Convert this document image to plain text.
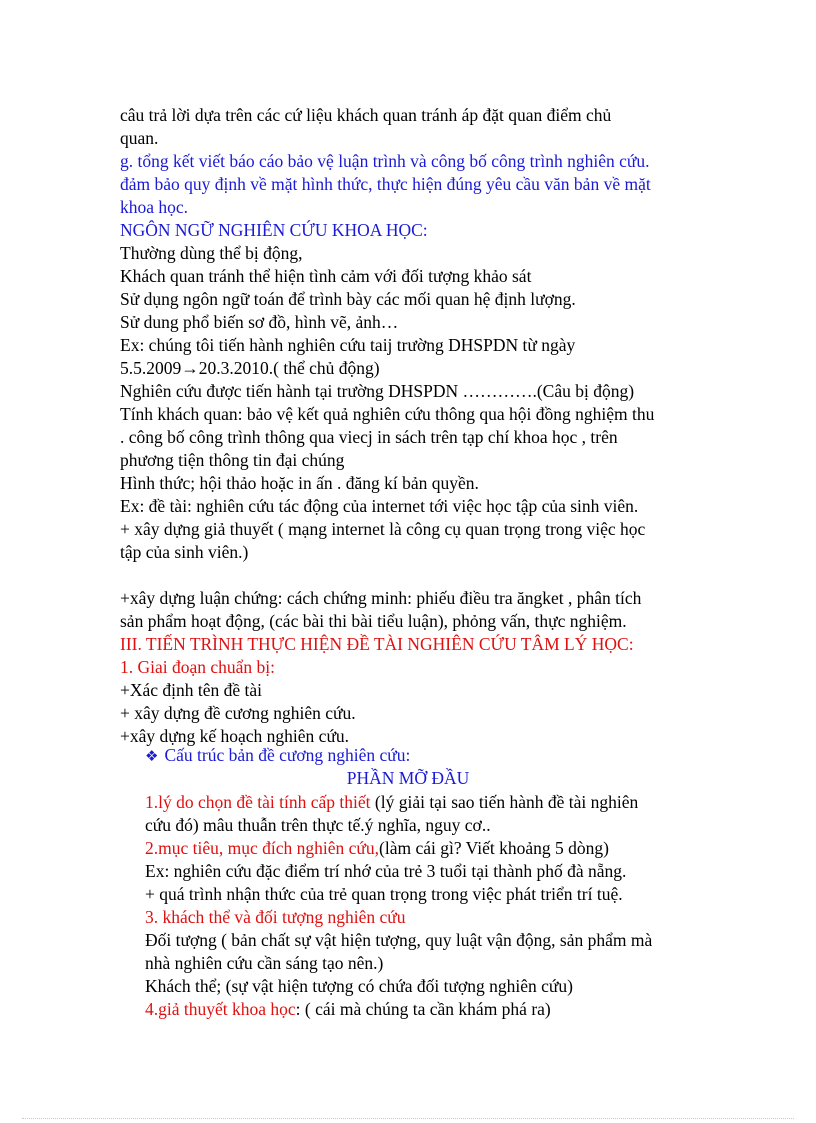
câu trả lời dựa trên các cứ liệu khách quan tránh áp đặt quan điểm chủ
quan.
g. tổng kết viết báo cáo bảo vệ luận trình và công bố công trình nghiên cứu.
đảm bảo quy định về mặt hình thức, thực hiện đúng yêu cầu văn bản về mặt
khoa học.
NGÔN NGỮ NGHIÊN CỨU KHOA HỌC:
Thường dùng thể bị động,
Khách quan tránh thể hiện tình cảm với đối tượng khảo sát
Sử dụng ngôn ngữ toán để trình bày các mối quan hệ định lượng.
Sử dung phổ biến sơ đồ, hình vẽ, ảnh…
Ex: chúng tôi tiến hành nghiên cứu taij trường DHSPDN từ ngày
5.5.2009→20.3.2010.( thể chủ động)
Nghiên cứu được tiến hành tại trường DHSPDN ………….(Câu bị động)
Tính khách quan: bảo vệ kết quả nghiên cứu thông qua hội đồng nghiệm thu
. công bố công trình thông qua viecj in sách trên tạp chí khoa học , trên
phương tiện thông tin đại chúng
Hình thức; hội thảo hoặc in ấn . đăng kí bản quyền.
Ex: đề tài: nghiên cứu tác động của internet tới việc học tập của sinh viên.
+ xây dựng giả thuyết ( mạng internet là công cụ quan trọng trong việc học
tập của sinh viên.)
+xây dựng luận chứng: cách chứng minh: phiếu điều tra ăngket , phân tích
sản phẩm hoạt động, (các bài thi bài tiểu luận), phỏng vấn, thực nghiệm.
III. TIẾN TRÌNH THỰC HIỆN ĐỀ TÀI NGHIÊN CỨU TÂM LÝ HỌC:
1. Giai đoạn chuẩn bị:
+Xác định tên đề tài
+ xây dựng đề cương nghiên cứu.
+xây dựng kế hoạch nghiên cứu.
❖ Cấu trúc bản đề cương nghiên cứu:
PHẦN MỠ ĐẦU
1.lý do chọn đề tài tính cấp thiết (lý giải tại sao tiến hành đề tài nghiên
cứu đó) mâu thuẫn trên thực tế.ý nghĩa, nguy cơ..
2.mục tiêu, mục đích nghiên cứu,(làm cái gì? Viết khoảng 5 dòng)
Ex: nghiên cứu đặc điểm trí nhớ của trẻ 3 tuổi tại thành phố đà nẵng.
+ quá trình nhận thức của trẻ quan trọng trong việc phát triển trí tuệ.
3. khách thể và đối tượng nghiên cứu
Đối tượng ( bản chất sự vật hiện tượng, quy luật vận động, sản phẩm mà
nhà nghiên cứu cần sáng tạo nên.)
Khách thể; (sự vật hiện tượng có chứa đối tượng nghiên cứu)
4.giả thuyết khoa học: ( cái mà chúng ta cần khám phá ra)
